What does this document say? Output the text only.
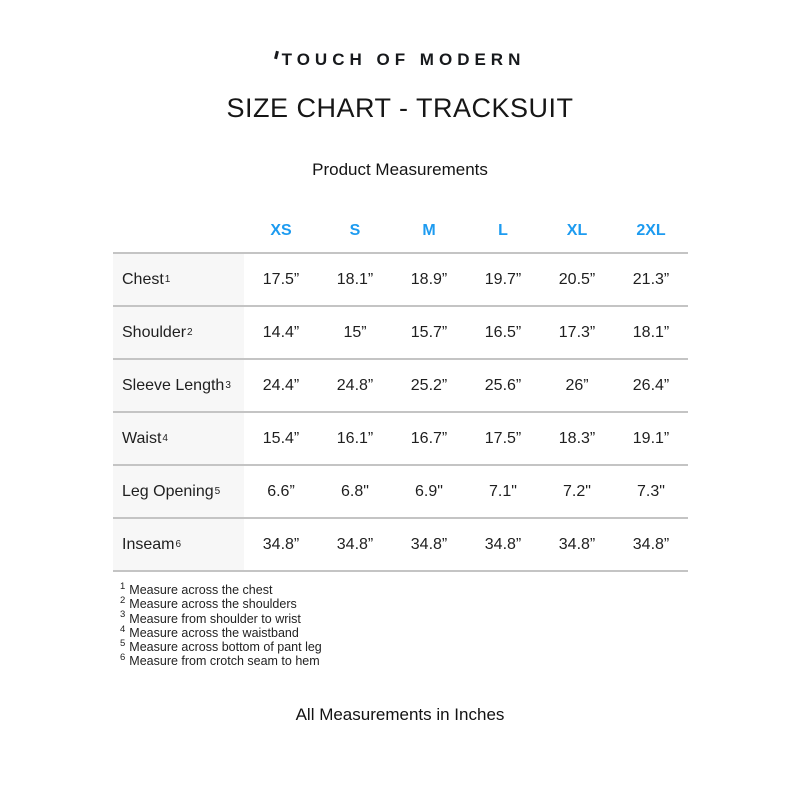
TOUCH OF MODERN
SIZE CHART - TRACKSUIT
Product Measurements
XS	S	M	L	XL	2XL
Chest 1	17.5”	18.1”	18.9”	19.7”	20.5”	21.3”
Shoulder 2	14.4”	15”	15.7”	16.5”	17.3”	18.1”
Sleeve Length 3	24.4”	24.8”	25.2”	25.6”	26”	26.4”
Waist 4	15.4”	16.1”	16.7”	17.5”	18.3”	19.1”
Leg Opening 5	6.6”	6.8"	6.9"	7.1"	7.2"	7.3"
Inseam 6	34.8”	34.8”	34.8”	34.8”	34.8”	34.8”
$^1$ Measure across the chest
$^2$ Measure across the shoulders
$^3$ Measure from shoulder to wrist
$^4$ Measure across the waistband
$^5$ Measure across bottom of pant leg
$^6$ Measure from crotch seam to hem
All Measurements in Inches
